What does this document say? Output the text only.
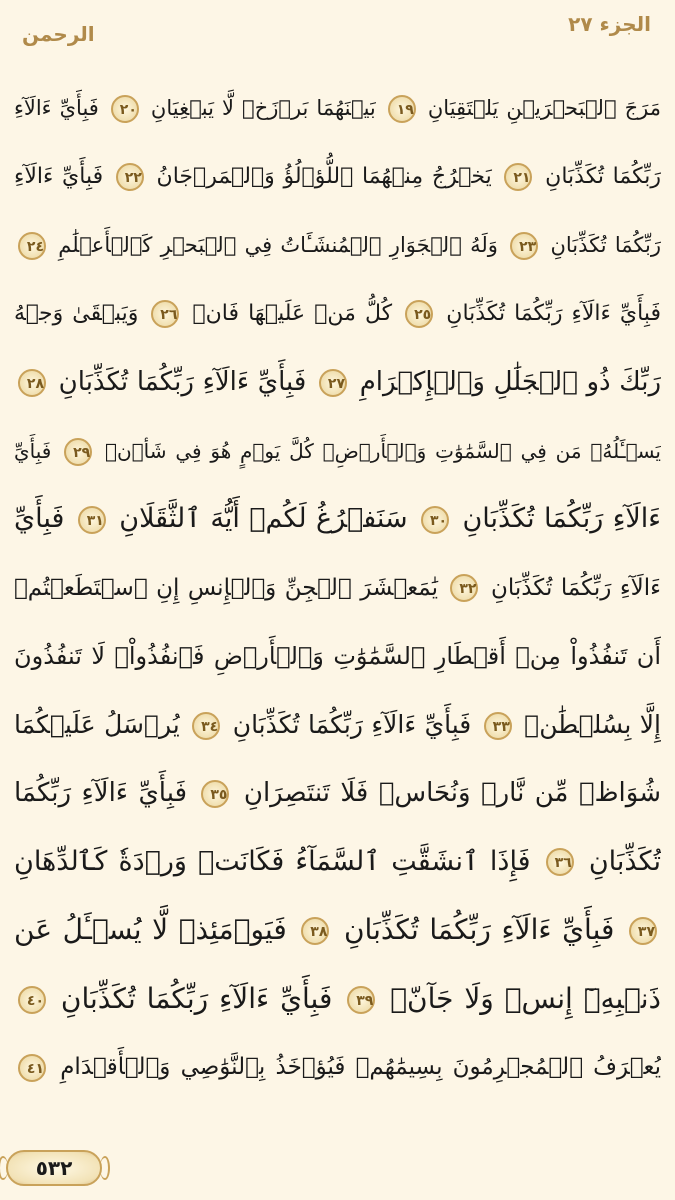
الجزء ٢٧
الرحمن
مَرَجَ ٱلۡبَحۡرَيۡنِ يَلۡتَقِيَانِ ١٩ بَيۡنَهُمَا بَرۡزَخٞ لَّا يَبۡغِيَانِ ٢٠ فَبِأَيِّ ءَالَآءِ
رَبِّكُمَا تُكَذِّبَانِ ٢١ يَخۡرُجُ مِنۡهُمَا ٱللُّؤۡلُؤُ وَٱلۡمَرۡجَانُ ٢٢ فَبِأَيِّ ءَالَآءِ
رَبِّكُمَا تُكَذِّبَانِ ٢٣ وَلَهُ ٱلۡجَوَارِ ٱلۡمُنشَـَٔاتُ فِي ٱلۡبَحۡرِ كَٱلۡأَعۡلَٰمِ ٢٤
فَبِأَيِّ ءَالَآءِ رَبِّكُمَا تُكَذِّبَانِ ٢٥ كُلُّ مَنۡ عَلَيۡهَا فَانٖ ٢٦ وَيَبۡقَىٰ وَجۡهُ
رَبِّكَ ذُو ٱلۡجَلَٰلِ وَٱلۡإِكۡرَامِ ٢٧ فَبِأَيِّ ءَالَآءِ رَبِّكُمَا تُكَذِّبَانِ ٢٨
يَسۡـَٔلُهُۥ مَن فِي ٱلسَّمَٰوَٰتِ وَٱلۡأَرۡضِۚ كُلَّ يَوۡمٍ هُوَ فِي شَأۡنٖ ٢٩ فَبِأَيِّ
ءَالَآءِ رَبِّكُمَا تُكَذِّبَانِ ٣٠ سَنَفۡرُغُ لَكُمۡ أَيُّهَ ٱلثَّقَلَانِ ٣١ فَبِأَيِّ
ءَالَآءِ رَبِّكُمَا تُكَذِّبَانِ ٣٢ يَٰمَعۡشَرَ ٱلۡجِنِّ وَٱلۡإِنسِ إِنِ ٱسۡتَطَعۡتُمۡ
أَن تَنفُذُواْ مِنۡ أَقۡطَارِ ٱلسَّمَٰوَٰتِ وَٱلۡأَرۡضِ فَٱنفُذُواْۚ لَا تَنفُذُونَ
إِلَّا بِسُلۡطَٰنٖ ٣٣ فَبِأَيِّ ءَالَآءِ رَبِّكُمَا تُكَذِّبَانِ ٣٤ يُرۡسَلُ عَلَيۡكُمَا
شُوَاظٞ مِّن نَّارٖ وَنُحَاسٞ فَلَا تَنتَصِرَانِ ٣٥ فَبِأَيِّ ءَالَآءِ رَبِّكُمَا
تُكَذِّبَانِ ٣٦ فَإِذَا ٱنشَقَّتِ ٱلسَّمَآءُ فَكَانَتۡ وَرۡدَةٗ كَٱلدِّهَانِ
٣٧ فَبِأَيِّ ءَالَآءِ رَبِّكُمَا تُكَذِّبَانِ ٣٨ فَيَوۡمَئِذٖ لَّا يُسۡـَٔلُ عَن
ذَنۢبِهِۦٓ إِنسٞ وَلَا جَآنّٞ ٣٩ فَبِأَيِّ ءَالَآءِ رَبِّكُمَا تُكَذِّبَانِ ٤٠
يُعۡرَفُ ٱلۡمُجۡرِمُونَ بِسِيمَٰهُمۡ فَيُؤۡخَذُ بِٱلنَّوَٰصِي وَٱلۡأَقۡدَامِ ٤١
٥٣٢
